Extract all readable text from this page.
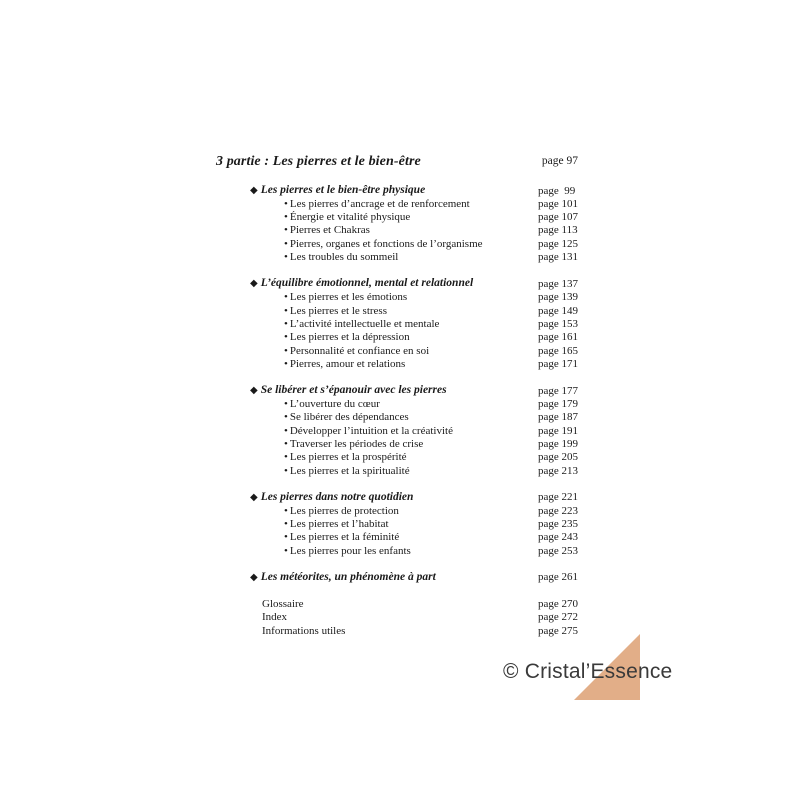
3 partie : Les pierres et le bien-être	page 97
◆ Les pierres et le bien-être physique	page  99
• Les pierres d’ancrage et de renforcement	page 101
• Énergie et vitalité physique	page 107
• Pierres et Chakras	page 113
• Pierres, organes et fonctions de l’organisme	page 125
• Les troubles du sommeil	page 131
◆ L’équilibre émotionnel, mental et relationnel	page 137
• Les pierres et les émotions	page 139
• Les pierres et le stress	page 149
• L’activité intellectuelle et mentale	page 153
• Les pierres et la dépression	page 161
• Personnalité et confiance en soi	page 165
• Pierres, amour et relations	page 171
◆ Se libérer et s’épanouir avec les pierres	page 177
• L’ouverture du cœur	page 179
• Se libérer des dépendances	page 187
• Développer l’intuition et la créativité	page 191
• Traverser les périodes de crise	page 199
• Les pierres et la prospérité	page 205
• Les pierres et la spiritualité	page 213
◆ Les pierres dans notre quotidien	page 221
• Les pierres de protection	page 223
• Les pierres et l’habitat	page 235
• Les pierres et la féminité	page 243
• Les pierres pour les enfants	page 253
◆ Les météorites, un phénomène à part	page 261
Glossaire	page 270
Index	page 272
Informations utiles	page 275
© Cristal’Essence
